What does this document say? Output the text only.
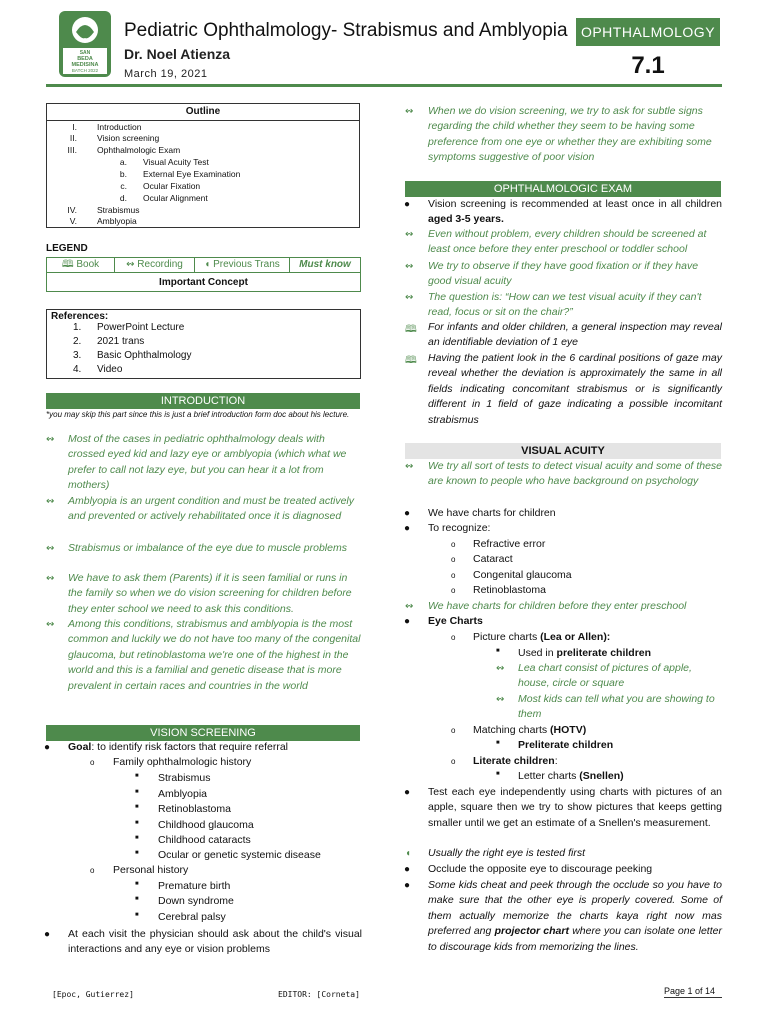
SAN
BEDA
MEDISINA
BATCH 2022
Pediatric Ophthalmology- Strabismus and Amblyopia
Dr. Noel Atienza
March 19, 2021
OPHTHALMOLOGY
7.1
Outline
I. Introduction
II. Vision screening
III. Ophthalmologic Exam
a. Visual Acuity Test
b. External Eye Examination
c. Ocular Fixation
d. Ocular Alignment
IV. Strabismus
V. Amblyopia
LEGEND
🕮 Book	↭ Recording	◖ Previous Trans	Must know
Important Concept
References:
1. PowerPoint Lecture
2. 2021 trans
3. Basic Ophthalmology
4. Video
INTRODUCTION
*you may skip this part since this is just a brief introduction form doc about his lecture.
↭ Most of the cases in pediatric ophthalmology deals with crossed eyed kid and lazy eye or amblyopia (which what we prefer to call not lazy eye, but you can hear it a lot from mothers)
↭ Amblyopia is an urgent condition and must be treated actively and prevented or actively rehabilitated once it is diagnosed
↭ Strabismus or imbalance of the eye due to muscle problems
↭ We have to ask them (Parents) if it is seen familial or runs in the family so when we do vision screening for children before they enter school we need to ask this conditions.
↭ Among this conditions, strabismus and amblyopia is the most common and luckily we do not have too many of the congenital glaucoma, but retinoblastoma we're one of the highest in the world and this is a familial and genetic disease that is more prevalent in certain races and countries in the world
VISION SCREENING
● Goal: to identify risk factors that require referral
o Family ophthalmologic history
■ Strabismus
■ Amblyopia
■ Retinoblastoma
■ Childhood glaucoma
■ Childhood cataracts
■ Ocular or genetic systemic disease
o Personal history
■ Premature birth
■ Down syndrome
■ Cerebral palsy
● At each visit the physician should ask about the child's visual interactions and any eye or vision problems
↭ When we do vision screening, we try to ask for subtle signs regarding the child whether they seem to be having some preference from one eye or whether they are exhibiting some symptoms suggestive of poor vision
OPHTHALMOLOGIC EXAM
● Vision screening is recommended at least once in all children aged 3-5 years.
↭ Even without problem, every children should be screened at least once before they enter preschool or toddler school
↭ We try to observe if they have good fixation or if they have good visual acuity
↭ The question is: “How can we test visual acuity if they can't read, focus or sit on the chair?”
🕮 For infants and older children, a general inspection may reveal an identifiable deviation of 1 eye
🕮 Having the patient look in the 6 cardinal positions of gaze may reveal whether the deviation is approximately the same in all fields indicating concomitant strabismus or is significantly different in 1 field of gaze indicating a possible incomitant strabismus
VISUAL ACUITY
↭ We try all sort of tests to detect visual acuity and some of these are known to people who have background on psychology
● We have charts for children
● To recognize:
o Refractive error
o Cataract
o Congenital glaucoma
o Retinoblastoma
↭ We have charts for children before they enter preschool
● Eye Charts
o Picture charts (Lea or Allen):
■ Used in preliterate children
↭ Lea chart consist of pictures of apple, house, circle or square
↭ Most kids can tell what you are showing to them
o Matching charts (HOTV)
■ Preliterate children
o Literate children:
■ Letter charts (Snellen)
● Test each eye independently using charts with pictures of an apple, square then we try to show pictures that keeps getting smaller until we get an estimate of a Snellen's measurement.
◖ Usually the right eye is tested first
● Occlude the opposite eye to discourage peeking
● Some kids cheat and peek through the occlude so you have to make sure that the other eye is properly covered. Some of them actually memorize the charts kaya right now mas preferred ang projector chart where you can isolate one letter to discourage kids from memorizing the lines.
[Epoc, Gutierrez]	EDITOR: [Corneta]	Page 1 of 14
